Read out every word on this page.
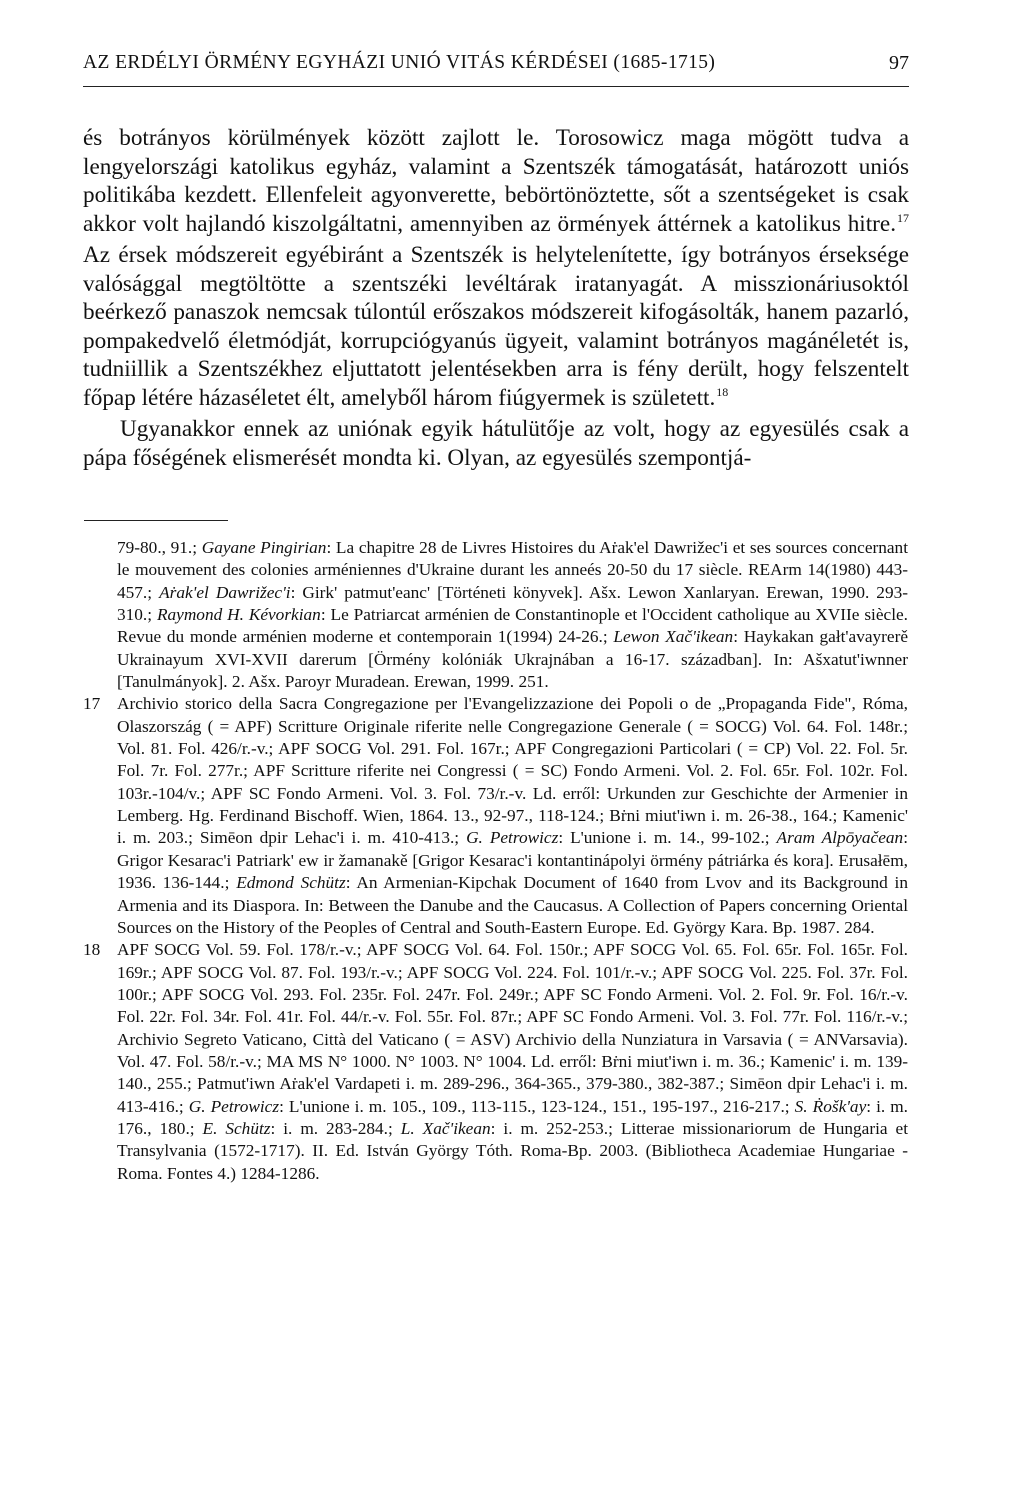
AZ ERDÉLYI ÖRMÉNY EGYHÁZI UNIÓ VITÁS KÉRDÉSEI (1685-1715)	97

és botrányos körülmények között zajlott le. Torosowicz maga mögött tudva a lengyelországi katolikus egyház, valamint a Szentszék támogatását, határozott uniós politikába kezdett. Ellenfeleit agyonverette, bebörtönöztette, sőt a szentségeket is csak akkor volt hajlandó kiszolgáltatni, amennyiben az örmények áttérnek a katolikus hitre.$^{17}$ Az érsek módszereit egyébiránt a Szentszék is helytelenítette, így botrányos érseksége valósággal megtöltötte a szentszéki levéltárak iratanyagát. A misszionáriusoktól beérkező panaszok nemcsak túlontúl erőszakos módszereit kifogásolták, hanem pazarló, pompakedvelő életmódját, korrupciógyanús ügyeit, valamint botrányos magánéletét is, tudniillik a Szentszékhez eljuttatott jelentésekben arra is fény derült, hogy felszentelt főpap létére házaséletet élt, amelyből három fiúgyermek is született.$^{18}$

Ugyanakkor ennek az uniónak egyik hátulütője az volt, hogy az egyesülés csak a pápa főségének elismerését mondta ki. Olyan, az egyesülés szempontjá-

79-80., 91.; Gayane Pingirian: La chapitre 28 de Livres Histoires du Aṙak'el Dawrižec'i et ses sources concernant le mouvement des colonies arméniennes d'Ukraine durant les anneés 20-50 du 17 siècle. REArm 14(1980) 443-457.; Aṙak'el Dawrižec'i: Girk' patmut'eanc' [Történeti könyvek]. Ašx. Lewon Xanlaryan. Erewan, 1990. 293-310.; Raymond H. Kévorkian: Le Patriarcat arménien de Constantinople et l'Occident catholique au XVIIe siècle. Revue du monde arménien moderne et contemporain 1(1994) 24-26.; Lewon Xač'ikean: Haykakan gałt'avayrerě Ukrainayum XVI-XVII darerum [Örmény kolóniák Ukrajnában a 16-17. században]. In: Ašxatut'iwnner [Tanulmányok]. 2. Ašx. Paroyr Muradean. Erewan, 1999. 251.

17 Archivio storico della Sacra Congregazione per l'Evangelizzazione dei Popoli o de „Propaganda Fide", Róma, Olaszország ( = APF) Scritture Originale riferite nelle Congregazione Generale ( = SOCG) Vol. 64. Fol. 148r.; Vol. 81. Fol. 426/r.-v.; APF SOCG Vol. 291. Fol. 167r.; APF Congregazioni Particolari ( = CP) Vol. 22. Fol. 5r. Fol. 7r. Fol. 277r.; APF Scritture riferite nei Congressi ( = SC) Fondo Armeni. Vol. 2. Fol. 65r. Fol. 102r. Fol. 103r.-104/v.; APF SC Fondo Armeni. Vol. 3. Fol. 73/r.-v. Ld. erről: Urkunden zur Geschichte der Armenier in Lemberg. Hg. Ferdinand Bischoff. Wien, 1864. 13., 92-97., 118-124.; Bṙni miut'iwn i. m. 26-38., 164.; Kamenic' i. m. 203.; Simēon dpir Lehac'i i. m. 410-413.; G. Petrowicz: L'unione i. m. 14., 99-102.; Aram Alpōyačean: Grigor Kesarac'i Patriark' ew ir žamanakě [Grigor Kesarac'i kontantinápolyi örmény pátriárka és kora]. Erusałēm, 1936. 136-144.; Edmond Schütz: An Armenian-Kipchak Document of 1640 from Lvov and its Background in Armenia and its Diaspora. In: Between the Danube and the Caucasus. A Collection of Papers concerning Oriental Sources on the History of the Peoples of Central and South-Eastern Europe. Ed. György Kara. Bp. 1987. 284.

18 APF SOCG Vol. 59. Fol. 178/r.-v.; APF SOCG Vol. 64. Fol. 150r.; APF SOCG Vol. 65. Fol. 65r. Fol. 165r. Fol. 169r.; APF SOCG Vol. 87. Fol. 193/r.-v.; APF SOCG Vol. 224. Fol. 101/r.-v.; APF SOCG Vol. 225. Fol. 37r. Fol. 100r.; APF SOCG Vol. 293. Fol. 235r. Fol. 247r. Fol. 249r.; APF SC Fondo Armeni. Vol. 2. Fol. 9r. Fol. 16/r.-v. Fol. 22r. Fol. 34r. Fol. 41r. Fol. 44/r.-v. Fol. 55r. Fol. 87r.; APF SC Fondo Armeni. Vol. 3. Fol. 77r. Fol. 116/r.-v.; Archivio Segreto Vaticano, Città del Vaticano ( = ASV) Archivio della Nunziatura in Varsavia ( = ANVarsavia). Vol. 47. Fol. 58/r.-v.; MA MS N° 1000. N° 1003. N° 1004. Ld. erről: Bṙni miut'iwn i. m. 36.; Kamenic' i. m. 139-140., 255.; Patmut'iwn Aṙak'el Vardapeti i. m. 289-296., 364-365., 379-380., 382-387.; Simēon dpir Lehac'i i. m. 413-416.; G. Petrowicz: L'unione i. m. 105., 109., 113-115., 123-124., 151., 195-197., 216-217.; S. Ṙošk'ay: i. m. 176., 180.; E. Schütz: i. m. 283-284.; L. Xač'ikean: i. m. 252-253.; Litterae missionariorum de Hungaria et Transylvania (1572-1717). II. Ed. István György Tóth. Roma-Bp. 2003. (Bibliotheca Academiae Hungariae - Roma. Fontes 4.) 1284-1286.
